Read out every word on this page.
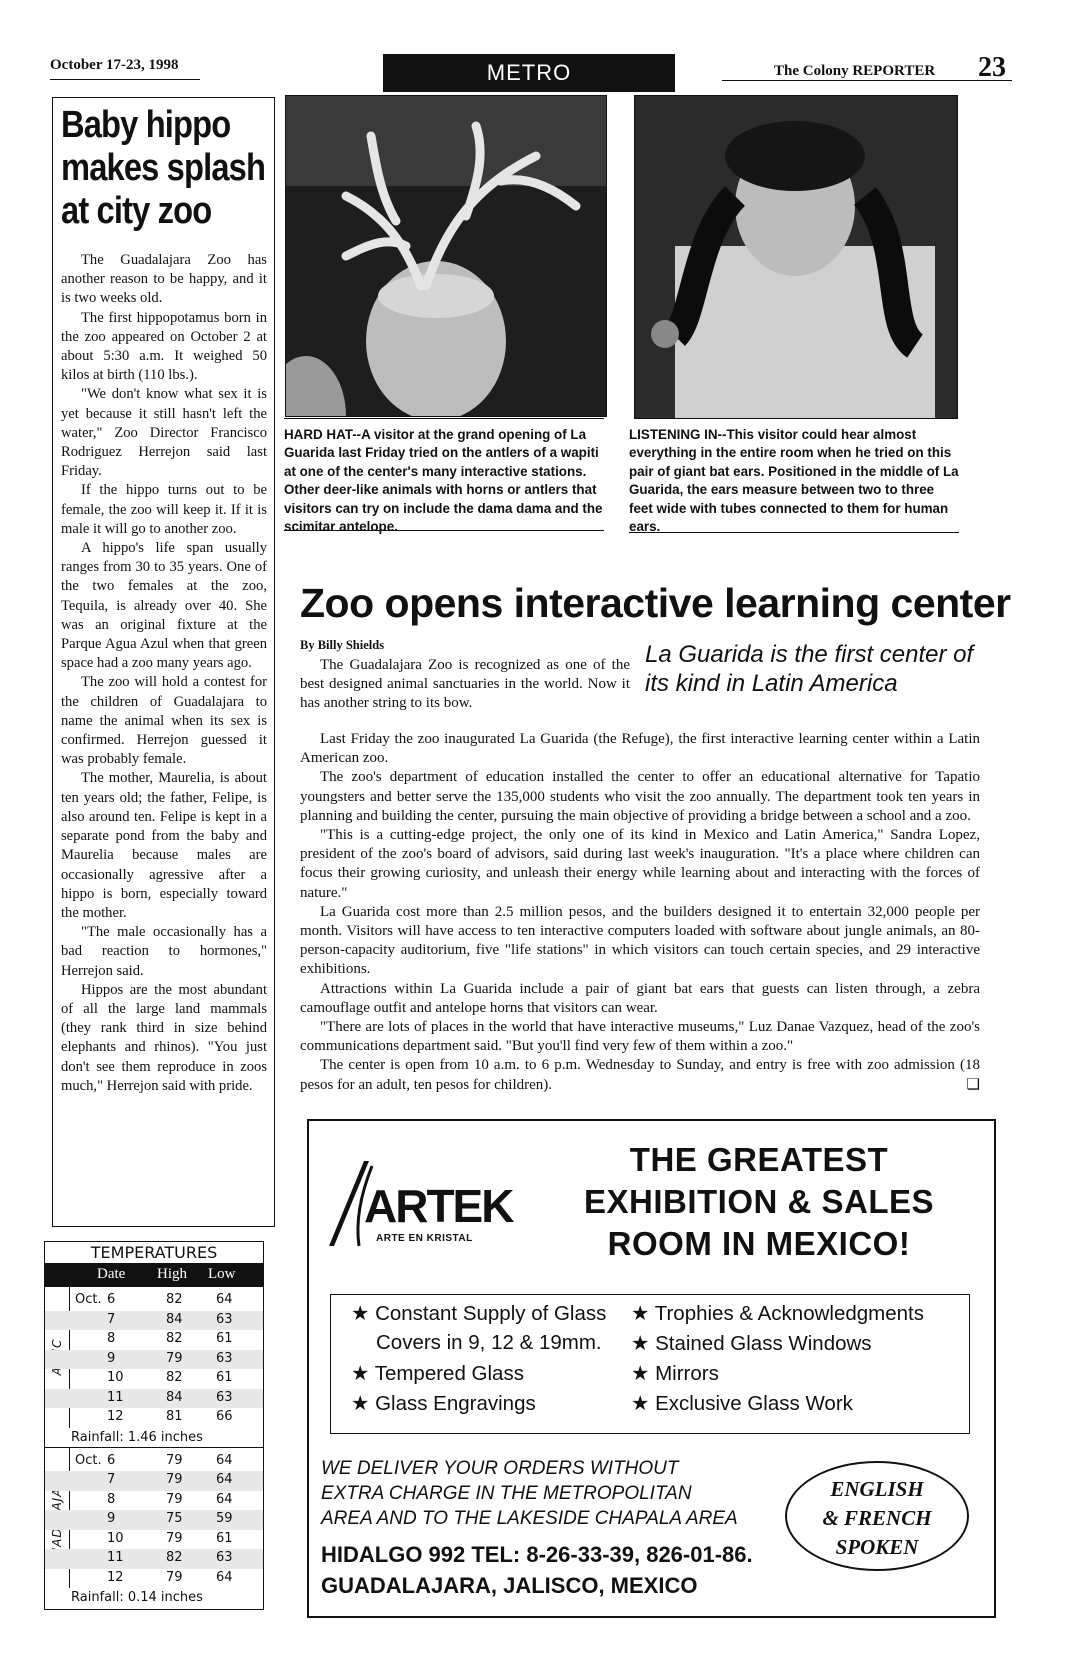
October 17-23, 1998	METRO	The Colony REPORTER 23
Baby hippo
makes splash
at city zoo

The Guadalajara Zoo has another reason to be happy, and it is two weeks old.

The first hippopotamus born in the zoo appeared on October 2 at about 5:30 a.m. It weighed 50 kilos at birth (110 lbs.).

"We don't know what sex it is yet because it still hasn't left the water," Zoo Director Francisco Rodriguez Herrejon said last Friday.

If the hippo turns out to be female, the zoo will keep it. If it is male it will go to another zoo.

A hippo's life span usually ranges from 30 to 35 years. One of the two females at the zoo, Tequila, is already over 40. She was an original fixture at the Parque Agua Azul when that green space had a zoo many years ago.

The zoo will hold a contest for the children of Guadalajara to name the animal when its sex is confirmed. Herrejon guessed it was probably female.

The mother, Maurelia, is about ten years old; the father, Felipe, is also around ten. Felipe is kept in a separate pond from the baby and Maurelia because males are occasionally agressive after a hippo is born, especially toward the mother.

"The male occasionally has a bad reaction to hormones," Herrejon said.

Hippos are the most abundant of all the large land mammals (they rank third in size behind elephants and rhinos). "You just don't see them reproduce in zoos much," Herrejon said with pride.

TEMPERATURES
Date High Low
Oct. 6	82	64
7	84	63
8	82	61
9	79	63
10	82	61
11	84	63
12	81	66
Rainfall: 1.46 inches
Oct. 6	79	64
7	79	64
8	79	64
9	75	59
10	79	61
11	82	63
12	79	64
Rainfall: 0.14 inches
HARD HAT--A visitor at the grand opening of La Guarida last Friday tried on the antlers of a wapiti at one of the center's many interactive stations. Other deer-like animals with horns or antlers that visitors can try on include the dama dama and the scimitar antelope.
LISTENING IN--This visitor could hear almost everything in the entire room when he tried on this pair of giant bat ears. Positioned in the middle of La Guarida, the ears measure between two to three feet wide with tubes connected to them for human ears.
Zoo opens interactive learning center
By Billy Shields
The Guadalajara Zoo is recognized as one of the best designed animal sanctuaries in the world. Now it has another string to its bow.
La Guarida is the first center of its kind in Latin America

Last Friday the zoo inaugurated La Guarida (the Refuge), the first interactive learning center within a Latin American zoo.

The zoo's department of education installed the center to offer an educational alternative for Tapatio youngsters and better serve the 135,000 students who visit the zoo annually. The department took ten years in planning and building the center, pursuing the main objective of providing a bridge between a school and a zoo.

"This is a cutting-edge project, the only one of its kind in Mexico and Latin America," Sandra Lopez, president of the zoo's board of advisors, said during last week's inauguration. "It's a place where children can focus their growing curiosity, and unleash their energy while learning about and interacting with the forces of nature."

La Guarida cost more than 2.5 million pesos, and the builders designed it to entertain 32,000 people per month. Visitors will have access to ten interactive computers loaded with software about jungle animals, an 80-person-capacity auditorium, five "life stations" in which visitors can touch certain species, and 29 interactive exhibitions.

Attractions within La Guarida include a pair of giant bat ears that guests can listen through, a zebra camouflage outfit and antelope horns that visitors can wear.

"There are lots of places in the world that have interactive museums," Luz Danae Vazquez, head of the zoo's communications department said. "But you'll find very few of them within a zoo."

The center is open from 10 a.m. to 6 p.m. Wednesday to Sunday, and entry is free with zoo admission (18 pesos for an adult, ten pesos for children).	❑

ARTEK
ARTE EN KRISTAL
THE GREATEST
EXHIBITION & SALES
ROOM IN MEXICO!
★ Constant Supply of Glass
Covers in 9, 12 & 19mm.
★ Tempered Glass
★ Glass Engravings
★ Trophies & Acknowledgments
★ Stained Glass Windows
★ Mirrors
★ Exclusive Glass Work
WE DELIVER YOUR ORDERS WITHOUT
EXTRA CHARGE IN THE METROPOLITAN
AREA AND TO THE LAKESIDE CHAPALA AREA
HIDALGO 992 TEL: 8-26-33-39, 826-01-86.
GUADALAJARA, JALISCO, MEXICO
ENGLISH
& FRENCH
SPOKEN
